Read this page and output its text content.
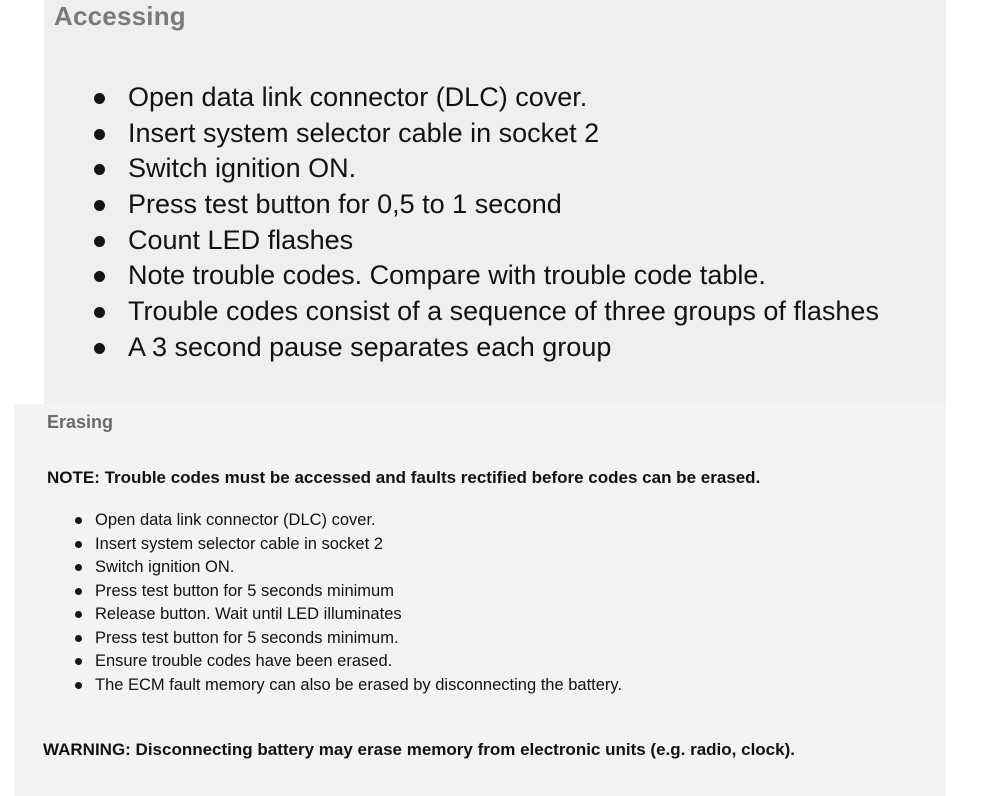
Accessing
Open data link connector (DLC) cover.
Insert system selector cable in socket 2
Switch ignition ON.
Press test button for 0,5 to 1 second
Count LED flashes
Note trouble codes. Compare with trouble code table.
Trouble codes consist of a sequence of three groups of flashes
A 3 second pause separates each group
Erasing

NOTE: Trouble codes must be accessed and faults rectified before codes can be erased.

Open data link connector (DLC) cover.
Insert system selector cable in socket 2
Switch ignition ON.
Press test button for 5 seconds minimum
Release button. Wait until LED illuminates
Press test button for 5 seconds minimum.
Ensure trouble codes have been erased.
The ECM fault memory can also be erased by disconnecting the battery.

WARNING: Disconnecting battery may erase memory from electronic units (e.g. radio, clock).
